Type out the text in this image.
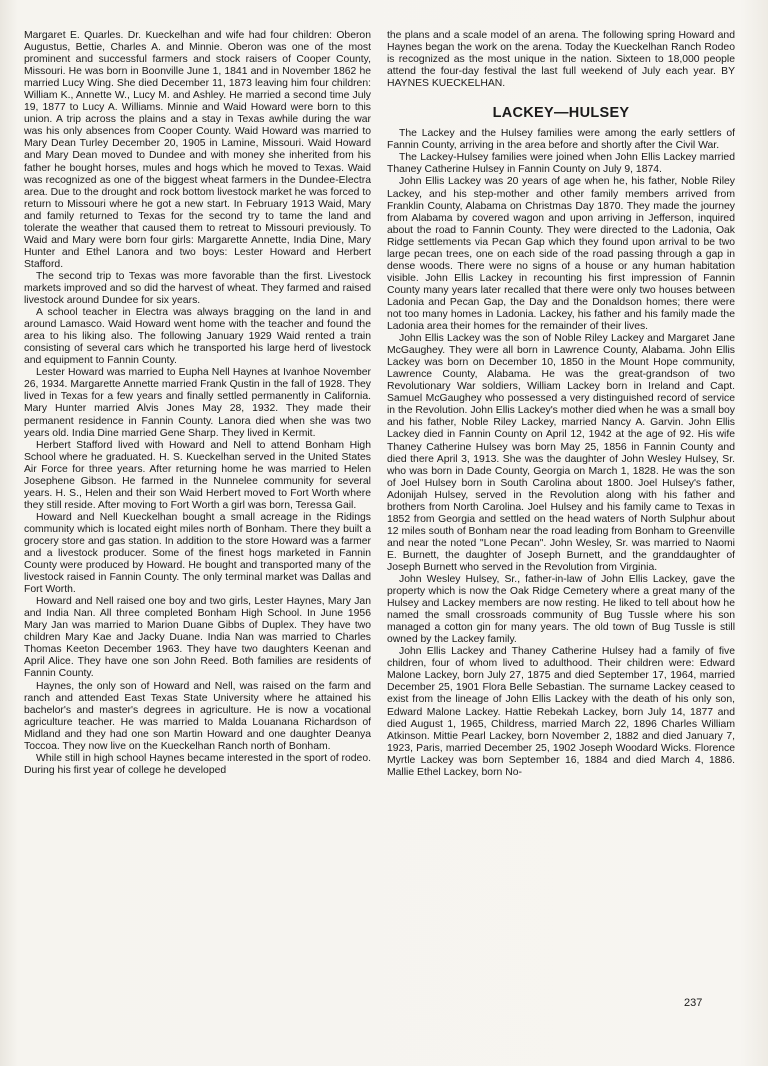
Margaret E. Quarles. Dr. Kueckelhan and wife had four children: Oberon Augustus, Bettie, Charles A. and Minnie. Oberon was one of the most prominent and successful farmers and stock raisers of Cooper County, Missouri. He was born in Boonville June 1, 1841 and in November 1862 he married Lucy Wing. She died December 11, 1873 leaving him four children: William K., Annette W., Lucy M. and Ashley. He married a second time July 19, 1877 to Lucy A. Williams. Minnie and Waid Howard were born to this union. A trip across the plains and a stay in Texas awhile during the war was his only absences from Cooper County. Waid Howard was married to Mary Dean Turley December 20, 1905 in Lamine, Missouri. Waid Howard and Mary Dean moved to Dundee and with money she inherited from his father he bought horses, mules and hogs which he moved to Texas. Waid was recognized as one of the biggest wheat farmers in the Dundee-Electra area. Due to the drought and rock bottom livestock market he was forced to return to Missouri where he got a new start. In February 1913 Waid, Mary and family returned to Texas for the second try to tame the land and tolerate the weather that caused them to retreat to Missouri previously. To Waid and Mary were born four girls: Margarette Annette, India Dine, Mary Hunter and Ethel Lanora and two boys: Lester Howard and Herbert Stafford.

The second trip to Texas was more favorable than the first. Livestock markets improved and so did the harvest of wheat. They farmed and raised livestock around Dundee for six years.

A school teacher in Electra was always bragging on the land in and around Lamasco. Waid Howard went home with the teacher and found the area to his liking also. The following January 1929 Waid rented a train consisting of several cars which he transported his large herd of livestock and equipment to Fannin County.

Lester Howard was married to Eupha Nell Haynes at Ivanhoe November 26, 1934. Margarette Annette married Frank Qustin in the fall of 1928. They lived in Texas for a few years and finally settled permanently in California. Mary Hunter married Alvis Jones May 28, 1932. They made their permanent residence in Fannin County. Lanora died when she was two years old. India Dine married Gene Sharp. They lived in Kermit.

Herbert Stafford lived with Howard and Nell to attend Bonham High School where he graduated. H. S. Kueckelhan served in the United States Air Force for three years. After returning home he was married to Helen Josephene Gibson. He farmed in the Nunnelee community for several years. H. S., Helen and their son Waid Herbert moved to Fort Worth where they still reside. After moving to Fort Worth a girl was born, Teressa Gail.

Howard and Nell Kueckelhan bought a small acreage in the Ridings community which is located eight miles north of Bonham. There they built a grocery store and gas station. In addition to the store Howard was a farmer and a livestock producer. Some of the finest hogs marketed in Fannin County were produced by Howard. He bought and transported many of the livestock raised in Fannin County. The only terminal market was Dallas and Fort Worth.

Howard and Nell raised one boy and two girls, Lester Haynes, Mary Jan and India Nan. All three completed Bonham High School. In June 1956 Mary Jan was married to Marion Duane Gibbs of Duplex. They have two children Mary Kae and Jacky Duane. India Nan was married to Charles Thomas Keeton December 1963. They have two daughters Keenan and April Alice. They have one son John Reed. Both families are residents of Fannin County.

Haynes, the only son of Howard and Nell, was raised on the farm and ranch and attended East Texas State University where he attained his bachelor's and master's degrees in agriculture. He is now a vocational agriculture teacher. He was married to Malda Louanana Richardson of Midland and they had one son Martin Howard and one daughter Deanya Toccoa. They now live on the Kueckelhan Ranch north of Bonham.

While still in high school Haynes became interested in the sport of rodeo. During his first year of college he developed

the plans and a scale model of an arena. The following spring Howard and Haynes began the work on the arena. Today the Kueckelhan Ranch Rodeo is recognized as the most unique in the nation. Sixteen to 18,000 people attend the four-day festival the last full weekend of July each year. BY HAYNES KUECKELHAN.

LACKEY—HULSEY

The Lackey and the Hulsey families were among the early settlers of Fannin County, arriving in the area before and shortly after the Civil War.

The Lackey-Hulsey families were joined when John Ellis Lackey married Thaney Catherine Hulsey in Fannin County on July 9, 1874.

John Ellis Lackey was 20 years of age when he, his father, Noble Riley Lackey, and his step-mother and other family members arrived from Franklin County, Alabama on Christmas Day 1870. They made the journey from Alabama by covered wagon and upon arriving in Jefferson, inquired about the road to Fannin County. They were directed to the Ladonia, Oak Ridge settlements via Pecan Gap which they found upon arrival to be two large pecan trees, one on each side of the road passing through a gap in dense woods. There were no signs of a house or any human habitation visible. John Ellis Lackey in recounting his first impression of Fannin County many years later recalled that there were only two houses between Ladonia and Pecan Gap, the Day and the Donaldson homes; there were not too many homes in Ladonia. Lackey, his father and his family made the Ladonia area their homes for the remainder of their lives.

John Ellis Lackey was the son of Noble Riley Lackey and Margaret Jane McGaughey. They were all born in Lawrence County, Alabama. John Ellis Lackey was born on December 10, 1850 in the Mount Hope community, Lawrence County, Alabama. He was the great-grandson of two Revolutionary War soldiers, William Lackey born in Ireland and Capt. Samuel McGaughey who possessed a very distinguished record of service in the Revolution. John Ellis Lackey's mother died when he was a small boy and his father, Noble Riley Lackey, married Nancy A. Garvin. John Ellis Lackey died in Fannin County on April 12, 1942 at the age of 92. His wife Thaney Catherine Hulsey was born May 25, 1856 in Fannin County and died there April 3, 1913. She was the daughter of John Wesley Hulsey, Sr. who was born in Dade County, Georgia on March 1, 1828. He was the son of Joel Hulsey born in South Carolina about 1800. Joel Hulsey's father, Adonijah Hulsey, served in the Revolution along with his father and brothers from North Carolina. Joel Hulsey and his family came to Texas in 1852 from Georgia and settled on the head waters of North Sulphur about 12 miles south of Bonham near the road leading from Bonham to Greenville and near the noted "Lone Pecan". John Wesley, Sr. was married to Naomi E. Burnett, the daughter of Joseph Burnett, and the granddaughter of Joseph Burnett who served in the Revolution from Virginia.

John Wesley Hulsey, Sr., father-in-law of John Ellis Lackey, gave the property which is now the Oak Ridge Cemetery where a great many of the Hulsey and Lackey members are now resting. He liked to tell about how he named the small crossroads community of Bug Tussle where his son managed a cotton gin for many years. The old town of Bug Tussle is still owned by the Lackey family.

John Ellis Lackey and Thaney Catherine Hulsey had a family of five children, four of whom lived to adulthood. Their children were: Edward Malone Lackey, born July 27, 1875 and died September 17, 1964, married December 25, 1901 Flora Belle Sebastian. The surname Lackey ceased to exist from the lineage of John Ellis Lackey with the death of his only son, Edward Malone Lackey. Hattie Rebekah Lackey, born July 14, 1877 and died August 1, 1965, Childress, married March 22, 1896 Charles William Atkinson. Mittie Pearl Lackey, born November 2, 1882 and died January 7, 1923, Paris, married December 25, 1902 Joseph Woodard Wicks. Florence Myrtle Lackey was born September 16, 1884 and died March 4, 1886. Mallie Ethel Lackey, born No-

237
